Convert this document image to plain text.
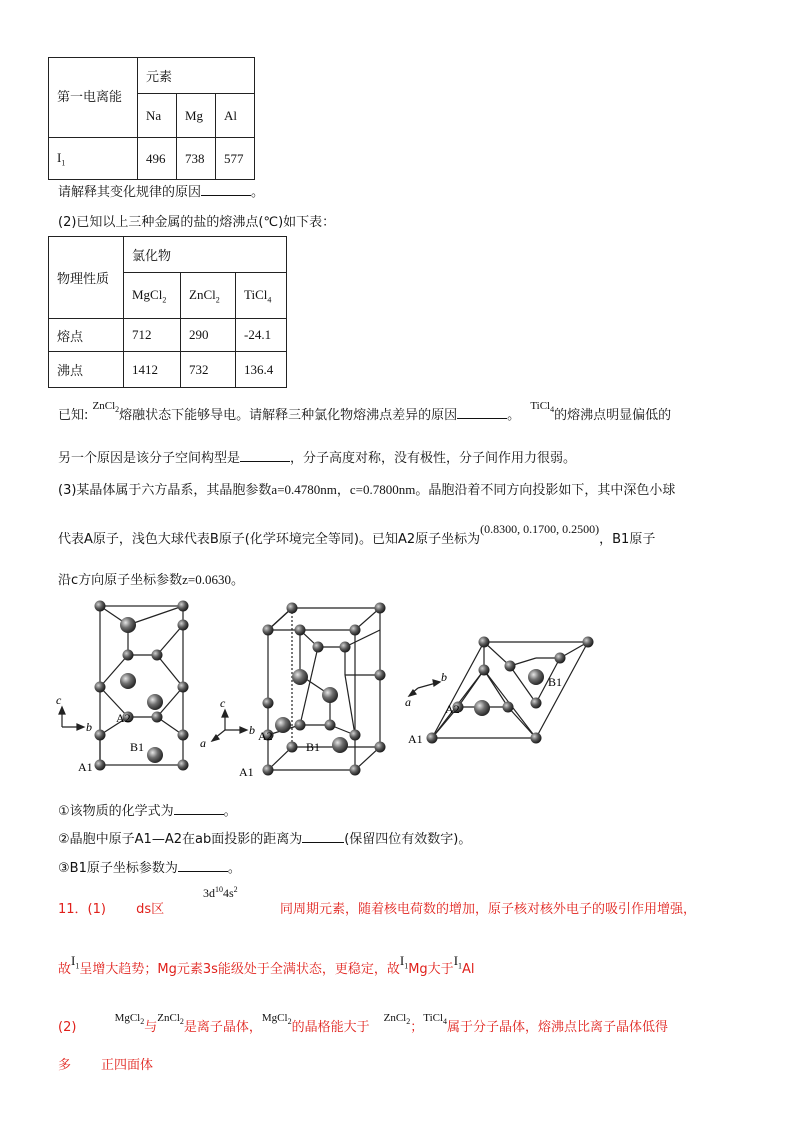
第一电离能	元素		
	Na	Mg	Al
$I_1$	496	738	577
请解释其变化规律的原因	。
(2)已知以上三种金属的盐的熔沸点(℃)如下表：
物理性质	氯化物		
	MgCl$_2$	ZnCl$_2$	TiCl$_4$
熔点	712	290	-24.1
沸点	1412	732	136.4
已知: $^{ZnCl_2}$熔融状态下能够导电。请解释三种氯化物熔沸点差异的原因	。 $^{TiCl_4}$的熔沸点明显偏低的
另一个原因是该分子空间构型是	，分子高度对称，没有极性，分子间作用力很弱。
(3)某晶体属于六方晶系，其晶胞参数a=0.4780nm，c=0.7800nm。晶胞沿着不同方向投影如下，其中深色小球
代表A原子，浅色大球代表B原子(化学环境完全等同)。已知A2原子坐标为(0.8300, 0.1700, 0.2500)，B1原子
沿c方向原子坐标参数z=0.0630。
c
b
A2
B1
A1
c
b
a	A2
B1
A1
b
a
B1
A2
A1
①该物质的化学式为	。
②晶胞中原子A1—A2在ab面投影的距离为	(保留四位有效数字)。
③B1原子坐标参数为	。
11．(1) ds区
$3d^{10}4s^2$
同周期元素，随着核电荷数的增加，原子核对核外电子的吸引作用增强，
故$I_1$呈增大趋势；Mg元素3s能级处于全满状态，更稳定，故$I_1Mg$大于$I_1Al$
(2) $^{MgCl_2}$与$^{ZnCl_2}$是离子晶体，$^{MgCl_2}$的晶格能大于$^{ZnCl_2}$；$^{TiCl_4}$属于分子晶体，熔沸点比离子晶体低得
多 正四面体
